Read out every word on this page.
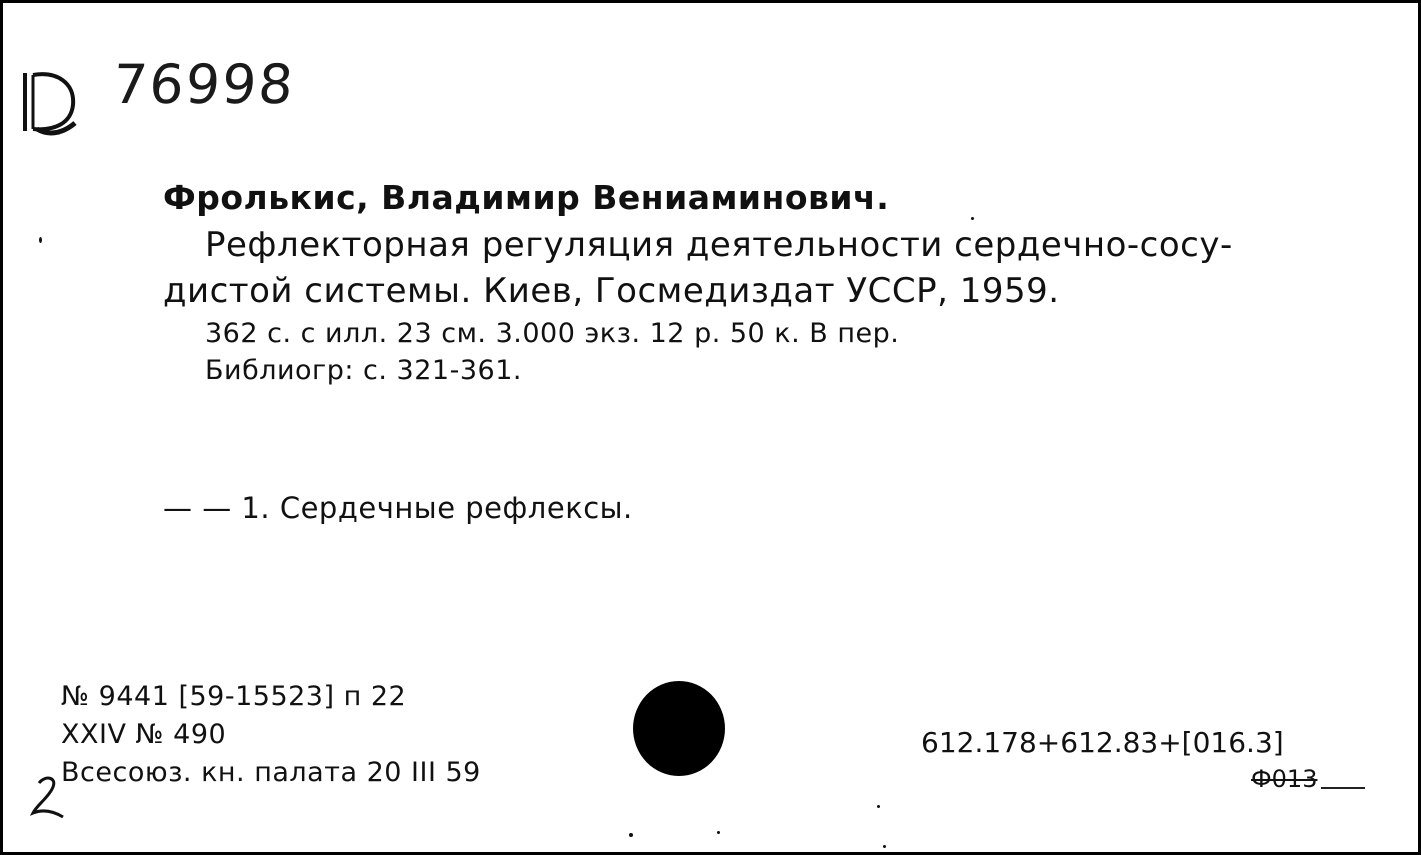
76998
Фролькис, Владимир Вениаминович.
Рефлекторная регуляция деятельности сердечно-сосу-
дистой системы. Киев, Госмедиздат УССР, 1959.
362 с. с илл. 23 см. 3.000 экз. 12 р. 50 к. В пер.
Библиогр: с. 321-361.
— — 1. Сердечные рефлексы.
№ 9441 [59-15523] п 22
XXIV № 490
Всесоюз. кн. палата 20 III 59
612.178+612.83+[016.3]
Ф013
